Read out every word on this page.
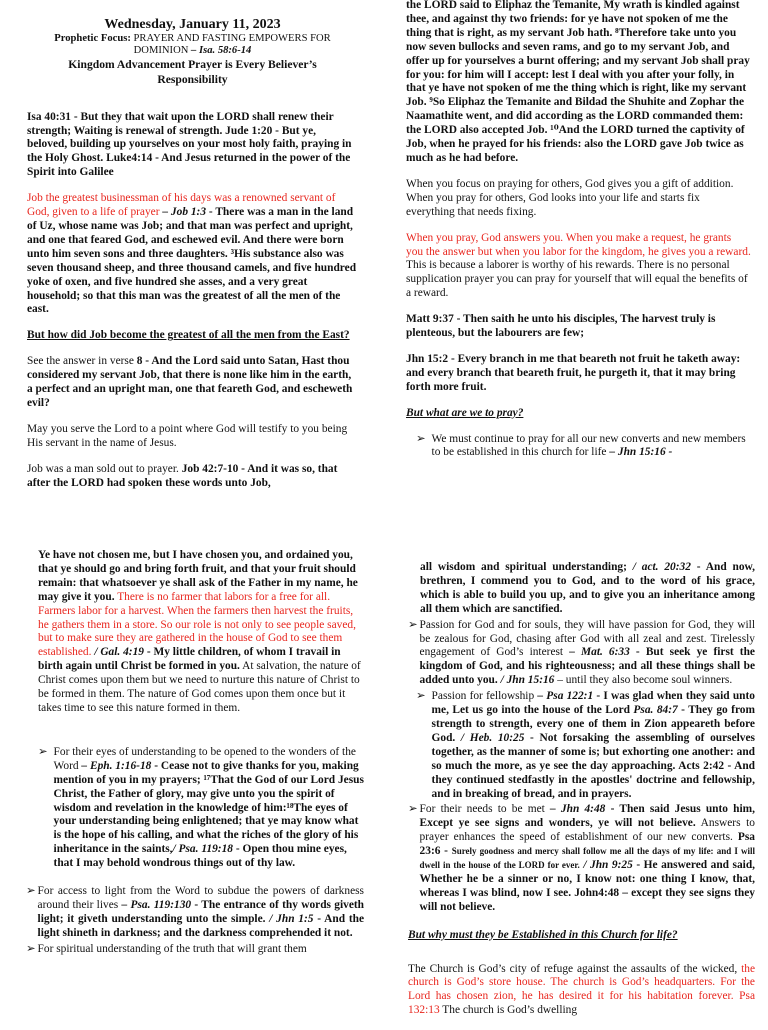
Wednesday, January 11, 2023
Prophetic Focus: PRAYER AND FASTING EMPOWERS FOR DOMINION – Isa. 58:6-14
Kingdom Advancement Prayer is Every Believer’s Responsibility

Isa 40:31 - But they that wait upon the LORD shall renew their strength; Waiting is renewal of strength. Jude 1:20 - But ye, beloved, building up yourselves on your most holy faith, praying in the Holy Ghost. Luke4:14 - And Jesus returned in the power of the Spirit into Galilee

Job the greatest businessman of his days was a renowned servant of God, given to a life of prayer – Job 1:3 - There was a man in the land of Uz, whose name was Job; and that man was perfect and upright, and one that feared God, and eschewed evil. And there were born unto him seven sons and three daughters. ³His substance also was seven thousand sheep, and three thousand camels, and five hundred yoke of oxen, and five hundred she asses, and a very great household; so that this man was the greatest of all the men of the east.

But how did Job become the greatest of all the men from the East?

See the answer in verse 8 - And the Lord said unto Satan, Hast thou considered my servant Job, that there is none like him in the earth, a perfect and an upright man, one that feareth God, and escheweth evil?

May you serve the Lord to a point where God will testify to you being His servant in the name of Jesus.

Job was a man sold out to prayer. Job 42:7-10 - And it was so, that after the LORD had spoken these words unto Job,

the LORD said to Eliphaz the Temanite, My wrath is kindled against thee, and against thy two friends: for ye have not spoken of me the thing that is right, as my servant Job hath. ⁸Therefore take unto you now seven bullocks and seven rams, and go to my servant Job, and offer up for yourselves a burnt offering; and my servant Job shall pray for you: for him will I accept: lest I deal with you after your folly, in that ye have not spoken of me the thing which is right, like my servant Job. ⁹So Eliphaz the Temanite and Bildad the Shuhite and Zophar the Naamathite went, and did according as the LORD commanded them: the LORD also accepted Job. ¹⁰And the LORD turned the captivity of Job, when he prayed for his friends: also the LORD gave Job twice as much as he had before.

When you focus on praying for others, God gives you a gift of addition. When you pray for others, God looks into your life and starts fix everything that needs fixing.

When you pray, God answers you. When you make a request, he grants you the answer but when you labor for the kingdom, he gives you a reward. This is because a laborer is worthy of his rewards. There is no personal supplication prayer you can pray for yourself that will equal the benefits of a reward.

Matt 9:37 - Then saith he unto his disciples, The harvest truly is plenteous, but the labourers are few;

Jhn 15:2 - Every branch in me that beareth not fruit he taketh away: and every branch that beareth fruit, he purgeth it, that it may bring forth more fruit.

But what are we to pray?

➢ We must continue to pray for all our new converts and new members to be established in this church for life – Jhn 15:16 -

Ye have not chosen me, but I have chosen you, and ordained you, that ye should go and bring forth fruit, and that your fruit should remain: that whatsoever ye shall ask of the Father in my name, he may give it you. There is no farmer that labors for a free for all. Farmers labor for a harvest. When the farmers then harvest the fruits, he gathers them in a store. So our role is not only to see people saved, but to make sure they are gathered in the house of God to see them established. / Gal. 4:19 - My little children, of whom I travail in birth again until Christ be formed in you. At salvation, the nature of Christ comes upon them but we need to nurture this nature of Christ to be formed in them. The nature of God comes upon them once but it takes time to see this nature formed in them.

➢ For their eyes of understanding to be opened to the wonders of the Word – Eph. 1:16-18 - Cease not to give thanks for you, making mention of you in my prayers; ¹⁷That the God of our Lord Jesus Christ, the Father of glory, may give unto you the spirit of wisdom and revelation in the knowledge of him:¹⁸The eyes of your understanding being enlightened; that ye may know what is the hope of his calling, and what the riches of the glory of his inheritance in the saints,/ Psa. 119:18 - Open thou mine eyes, that I may behold wondrous things out of thy law.
➢ For access to light from the Word to subdue the powers of darkness around their lives – Psa. 119:130 - The entrance of thy words giveth light; it giveth understanding unto the simple. / Jhn 1:5 - And the light shineth in darkness; and the darkness comprehended it not.
➢ For spiritual understanding of the truth that will grant them

all wisdom and spiritual understanding; / act. 20:32 - And now, brethren, I commend you to God, and to the word of his grace, which is able to build you up, and to give you an inheritance among all them which are sanctified.

➢ Passion for God and for souls, they will have passion for God, they will be zealous for God, chasing after God with all zeal and zest. Tirelessly engagement of God’s interest – Mat. 6:33 - But seek ye first the kingdom of God, and his righteousness; and all these things shall be added unto you. / Jhn 15:16 – until they also become soul winners.
➢ Passion for fellowship – Psa 122:1 - I was glad when they said unto me, Let us go into the house of the Lord Psa. 84:7 - They go from strength to strength, every one of them in Zion appeareth before God. / Heb. 10:25 - Not forsaking the assembling of ourselves together, as the manner of some is; but exhorting one another: and so much the more, as ye see the day approaching. Acts 2:42 - And they continued stedfastly in the apostles' doctrine and fellowship, and in breaking of bread, and in prayers.
➢ For their needs to be met – Jhn 4:48 - Then said Jesus unto him, Except ye see signs and wonders, ye will not believe. Answers to prayer enhances the speed of establishment of our new converts. Psa 23:6 - Surely goodness and mercy shall follow me all the days of my life: and I will dwell in the house of the LORD for ever. / Jhn 9:25 - He answered and said, Whether he be a sinner or no, I know not: one thing I know, that, whereas I was blind, now I see. John4:48 – except they see signs they will not believe.

But why must they be Established in this Church for life?

The Church is God’s city of refuge against the assaults of the wicked, the church is God’s store house. The church is God’s headquarters. For the Lord has chosen zion, he has desired it for his habitation forever. Psa 132:13 The church is God’s dwelling
